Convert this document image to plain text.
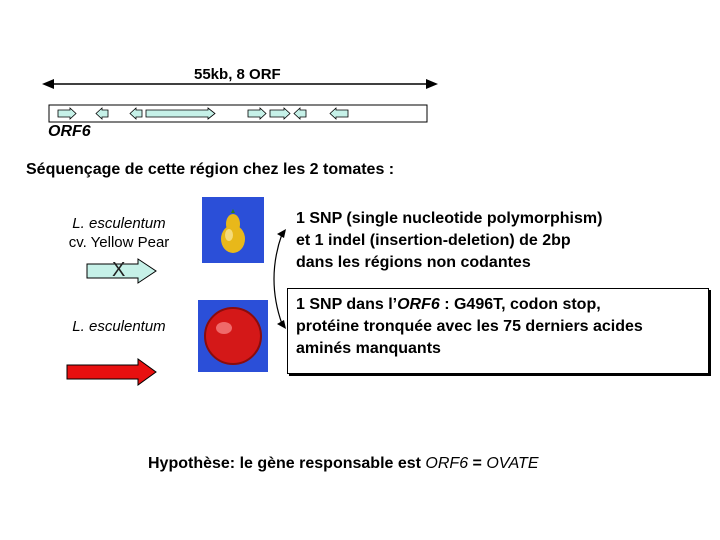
55kb, 8 ORF
ORF6
Séquençage de cette région chez les 2 tomates :
L. esculentum
cv. Yellow Pear
X
L. esculentum
1 SNP (single nucleotide polymorphism)
et 1 indel (insertion-deletion) de 2bp
dans les régions non codantes
1 SNP dans l’ORF6 : G496T, codon stop,
protéine tronquée avec les 75 derniers acides
aminés manquants
Hypothèse: le gène responsable est ORF6 = OVATE
